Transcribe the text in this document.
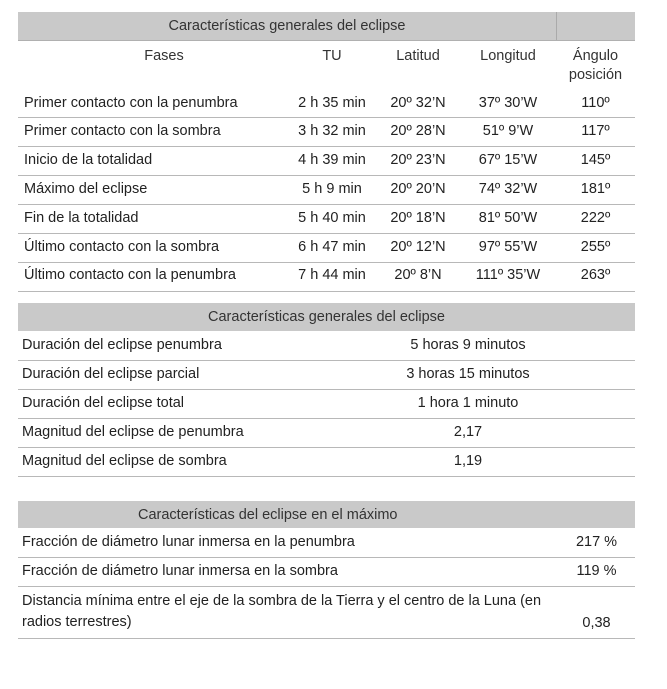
Características generales del eclipse
Fases	TU	Latitud	Longitud	Ángulo
posición
Primer contacto con la penumbra	2 h 35 min	20º 32’N	37º 30’W	110º
Primer contacto con la sombra	3 h 32 min	20º 28’N	51º 9’W	117º
Inicio de la totalidad	4 h 39 min	20º 23’N	67º 15’W	145º
Máximo del eclipse	5 h 9 min	20º 20’N	74º 32’W	181º
Fin de la totalidad	5 h 40 min	20º 18’N	81º 50’W	222º
Último contacto con la sombra	6 h 47 min	20º 12’N	97º 55’W	255º
Último contacto con la penumbra	7 h 44 min	20º 8’N	111º 35’W	263º
Características generales del eclipse
Duración del eclipse penumbra	5 horas 9 minutos
Duración del eclipse parcial	3 horas 15 minutos
Duración del eclipse total	1 hora 1 minuto
Magnitud del eclipse de penumbra	2,17
Magnitud del eclipse de sombra	1,19
Características del eclipse en el máximo
Fracción de diámetro lunar inmersa en la penumbra	217 %
Fracción de diámetro lunar inmersa en la sombra	119 %
Distancia mínima entre el eje de la sombra de la Tierra y el centro de la Luna (en radios terrestres)	0,38
